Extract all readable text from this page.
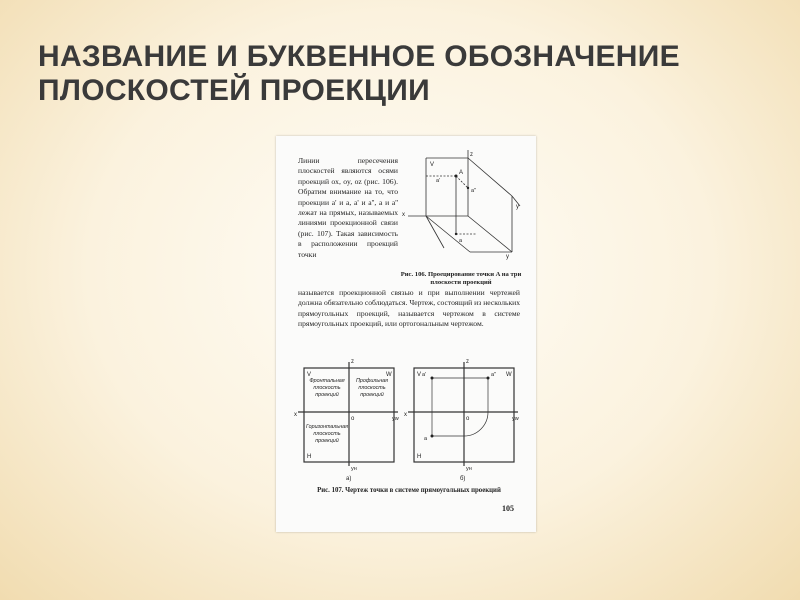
НАЗВАНИЕ И БУКВЕННОЕ ОБОЗНАЧЕНИЕ
ПЛОСКОСТЕЙ ПРОЕКЦИИ

Линии пересечения плоскостей являются осями проекций ox, oy, oz (рис. 106). Обратим внимание на то, что проекции a' и a, a' и a'', a и a'' лежат на прямых, называемых линиями проекционной связи (рис. 107). Такая зависимость в расположении проекций точки

V
z
A
a'
a''
a
x
y
y

Рис. 106. Проецирование точки A на три плоскости проекций

называется проекционной связью и при выполнении чертежей должна обязательно соблюдаться. Чертеж, состоящий из нескольких прямоугольных проекций, называется чертежом в системе прямоугольных проекций, или ортогональным чертежом.

V	W
H
z
o
x
yw
yн
Фронтальная
плоскость
проекций
Профильная
плоскость
проекций
Горизонтальная
плоскость
проекций
а)
V	W
H
z
o
x
yw
yн
a'	a''
a
б)

Рис. 107. Чертеж точки в системе прямоугольных проекций

105
